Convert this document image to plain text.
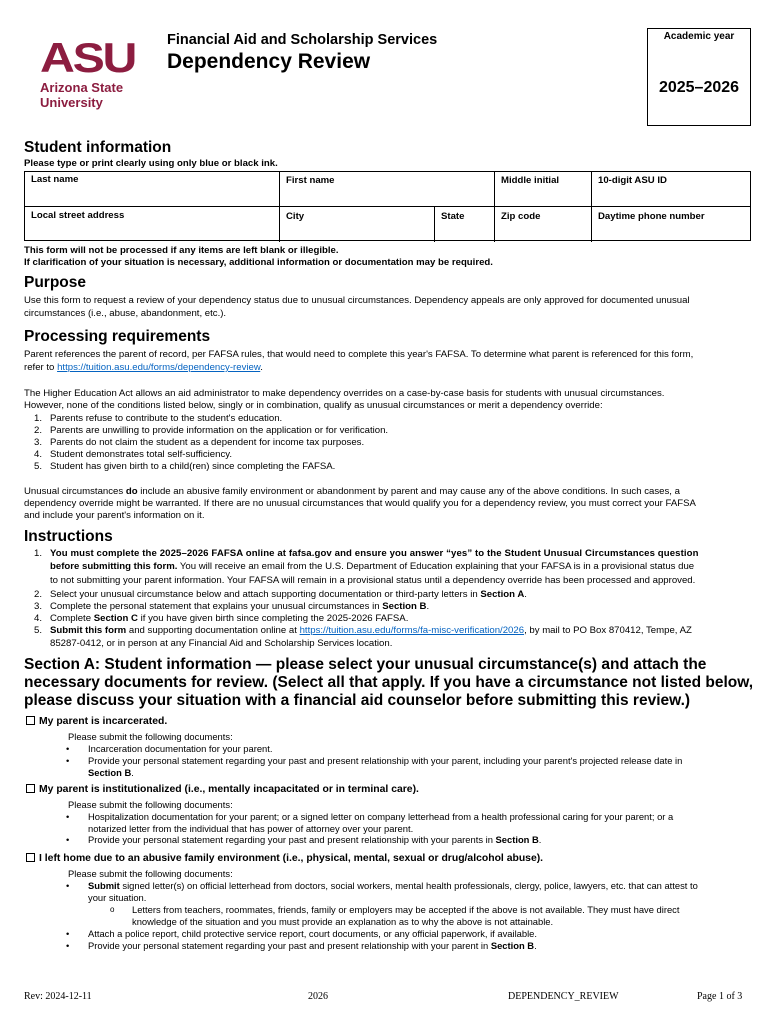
ASU
Arizona State
University
Financial Aid and Scholarship Services
Dependency Review
Academic year
2025–2026
Student information
Please type or print clearly using only blue or black ink.
Last name	First name	Middle initial	10-digit ASU ID
Local street address	City	State	Zip code	Daytime phone number
This form will not be processed if any items are left blank or illegible.
If clarification of your situation is necessary, additional information or documentation may be required.
Purpose

Use this form to request a review of your dependency status due to unusual circumstances. Dependency appeals are only approved for documented unusual

circumstances (i.e., abuse, abandonment, etc.).

Processing requirements

Parent references the parent of record, per FAFSA rules, that would need to complete this year's FAFSA. To determine what parent is referenced for this form,

refer to https://tuition.asu.edu/forms/dependency-review.

The Higher Education Act allows an aid administrator to make dependency overrides on a case-by-case basis for students with unusual circumstances.

However, none of the conditions listed below, singly or in combination, qualify as unusual circumstances or merit a dependency override:

1. Parents refuse to contribute to the student's education.
2. Parents are unwilling to provide information on the application or for verification.
3. Parents do not claim the student as a dependent for income tax purposes.
4. Student demonstrates total self-sufficiency.
5. Student has given birth to a child(ren) since completing the FAFSA.

Unusual circumstances do include an abusive family environment or abandonment by parent and may cause any of the above conditions. In such cases, a

dependency override might be warranted. If there are no unusual circumstances that would qualify you for a dependency review, you must correct your FAFSA

and include your parent's information on it.

Instructions
1. You must complete the 2025–2026 FAFSA online at fafsa.gov and ensure you answer “yes” to the Student Unusual Circumstances question
before submitting this form. You will receive an email from the U.S. Department of Education explaining that your FAFSA is in a provisional status due
to not submitting your parent information. Your FAFSA will remain in a provisional status until a dependency override has been processed and approved.
2. Select your unusual circumstance below and attach supporting documentation or third-party letters in Section A.
3. Complete the personal statement that explains your unusual circumstances in Section B.
4. Complete Section C if you have given birth since completing the 2025-2026 FAFSA.
5. Submit this form and supporting documentation online at https://tuition.asu.edu/forms/fa-misc-verification/2026, by mail to PO Box 870412, Tempe, AZ
85287-0412, or in person at any Financial Aid and Scholarship Services location.
Section A: Student information — please select your unusual circumstance(s) and attach the
necessary documents for review. (Select all that apply. If you have a circumstance not listed below,
please discuss your situation with a financial aid counselor before submitting this review.)
My parent is incarcerated.
Please submit the following documents:
• Incarceration documentation for your parent.
• Provide your personal statement regarding your past and present relationship with your parent, including your parent's projected release date in
Section B.
My parent is institutionalized (i.e., mentally incapacitated or in terminal care).
Please submit the following documents:
• Hospitalization documentation for your parent; or a signed letter on company letterhead from a health professional caring for your parent; or a
notarized letter from the individual that has power of attorney over your parent.
• Provide your personal statement regarding your past and present relationship with your parents in Section B.
I left home due to an abusive family environment (i.e., physical, mental, sexual or drug/alcohol abuse).
Please submit the following documents:
• Submit signed letter(s) on official letterhead from doctors, social workers, mental health professionals, clergy, police, lawyers, etc. that can attest to
your situation.
o Letters from teachers, roommates, friends, family or employers may be accepted if the above is not available. They must have direct
knowledge of the situation and you must provide an explanation as to why the above is not attainable.
• Attach a police report, child protective service report, court documents, or any official paperwork, if available.
• Provide your personal statement regarding your past and present relationship with your parent in Section B.
Rev: 2024-12-11	2026	DEPENDENCY_REVIEW	Page 1 of 3
